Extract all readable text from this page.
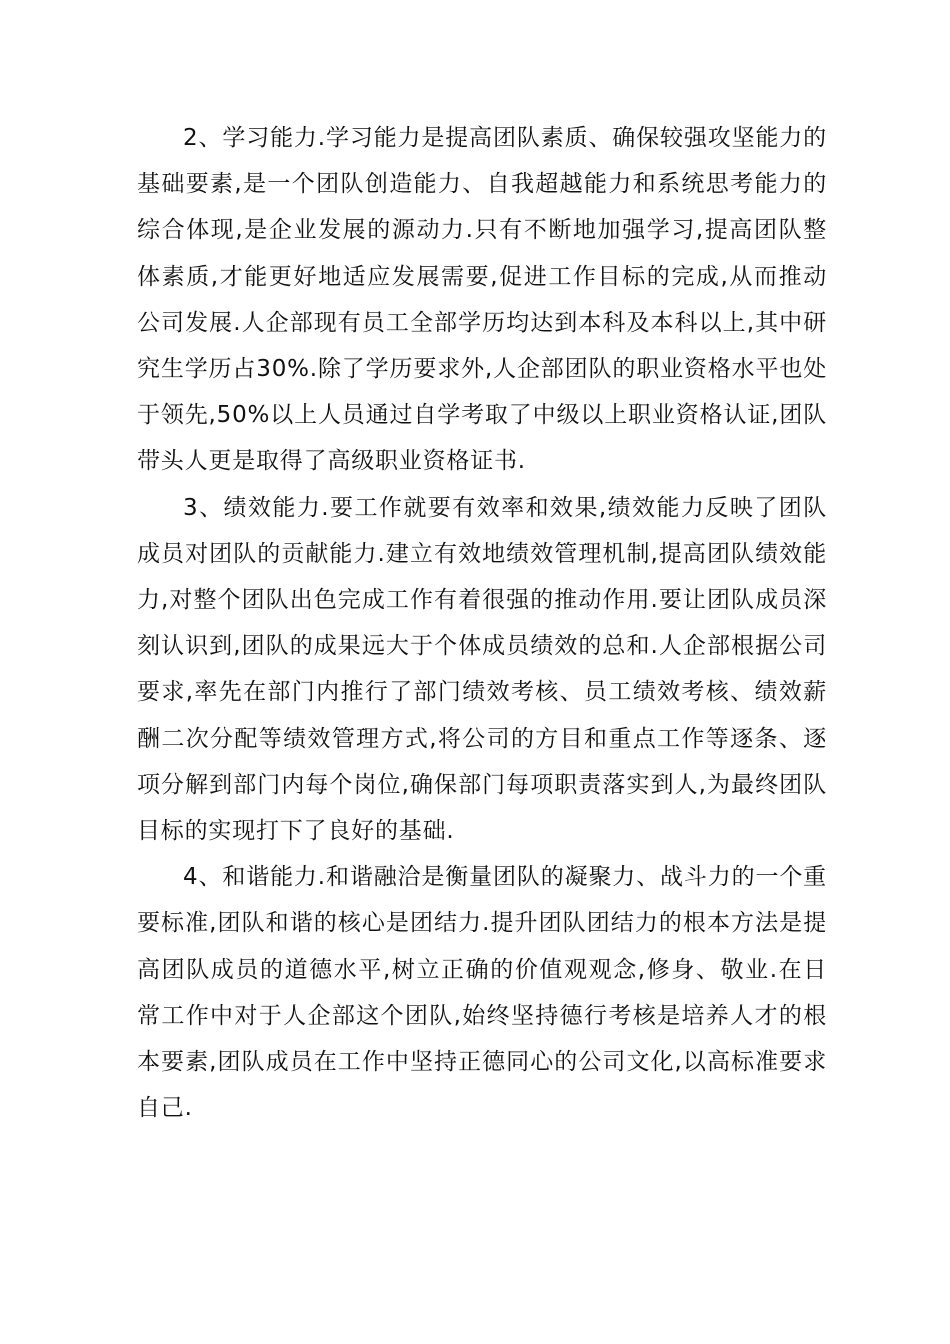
2、学习能力.学习能力是提高团队素质、确保较强攻坚能力的基础要素,是一个团队创造能力、自我超越能力和系统思考能力的综合体现,是企业发展的源动力.只有不断地加强学习,提高团队整体素质,才能更好地适应发展需要,促进工作目标的完成,从而推动公司发展.人企部现有员工全部学历均达到本科及本科以上,其中研究生学历占30%.除了学历要求外,人企部团队的职业资格水平也处于领先,50%以上人员通过自学考取了中级以上职业资格认证,团队带头人更是取得了高级职业资格证书.

3、绩效能力.要工作就要有效率和效果,绩效能力反映了团队成员对团队的贡献能力.建立有效地绩效管理机制,提高团队绩效能力,对整个团队出色完成工作有着很强的推动作用.要让团队成员深刻认识到,团队的成果远大于个体成员绩效的总和.人企部根据公司要求,率先在部门内推行了部门绩效考核、员工绩效考核、绩效薪酬二次分配等绩效管理方式,将公司的方目和重点工作等逐条、逐项分解到部门内每个岗位,确保部门每项职责落实到人,为最终团队目标的实现打下了良好的基础.

4、和谐能力.和谐融洽是衡量团队的凝聚力、战斗力的一个重要标准,团队和谐的核心是团结力.提升团队团结力的根本方法是提高团队成员的道德水平,树立正确的价值观观念,修身、敬业.在日常工作中对于人企部这个团队,始终坚持德行考核是培养人才的根本要素,团队成员在工作中坚持正德同心的公司文化,以高标准要求自己.
